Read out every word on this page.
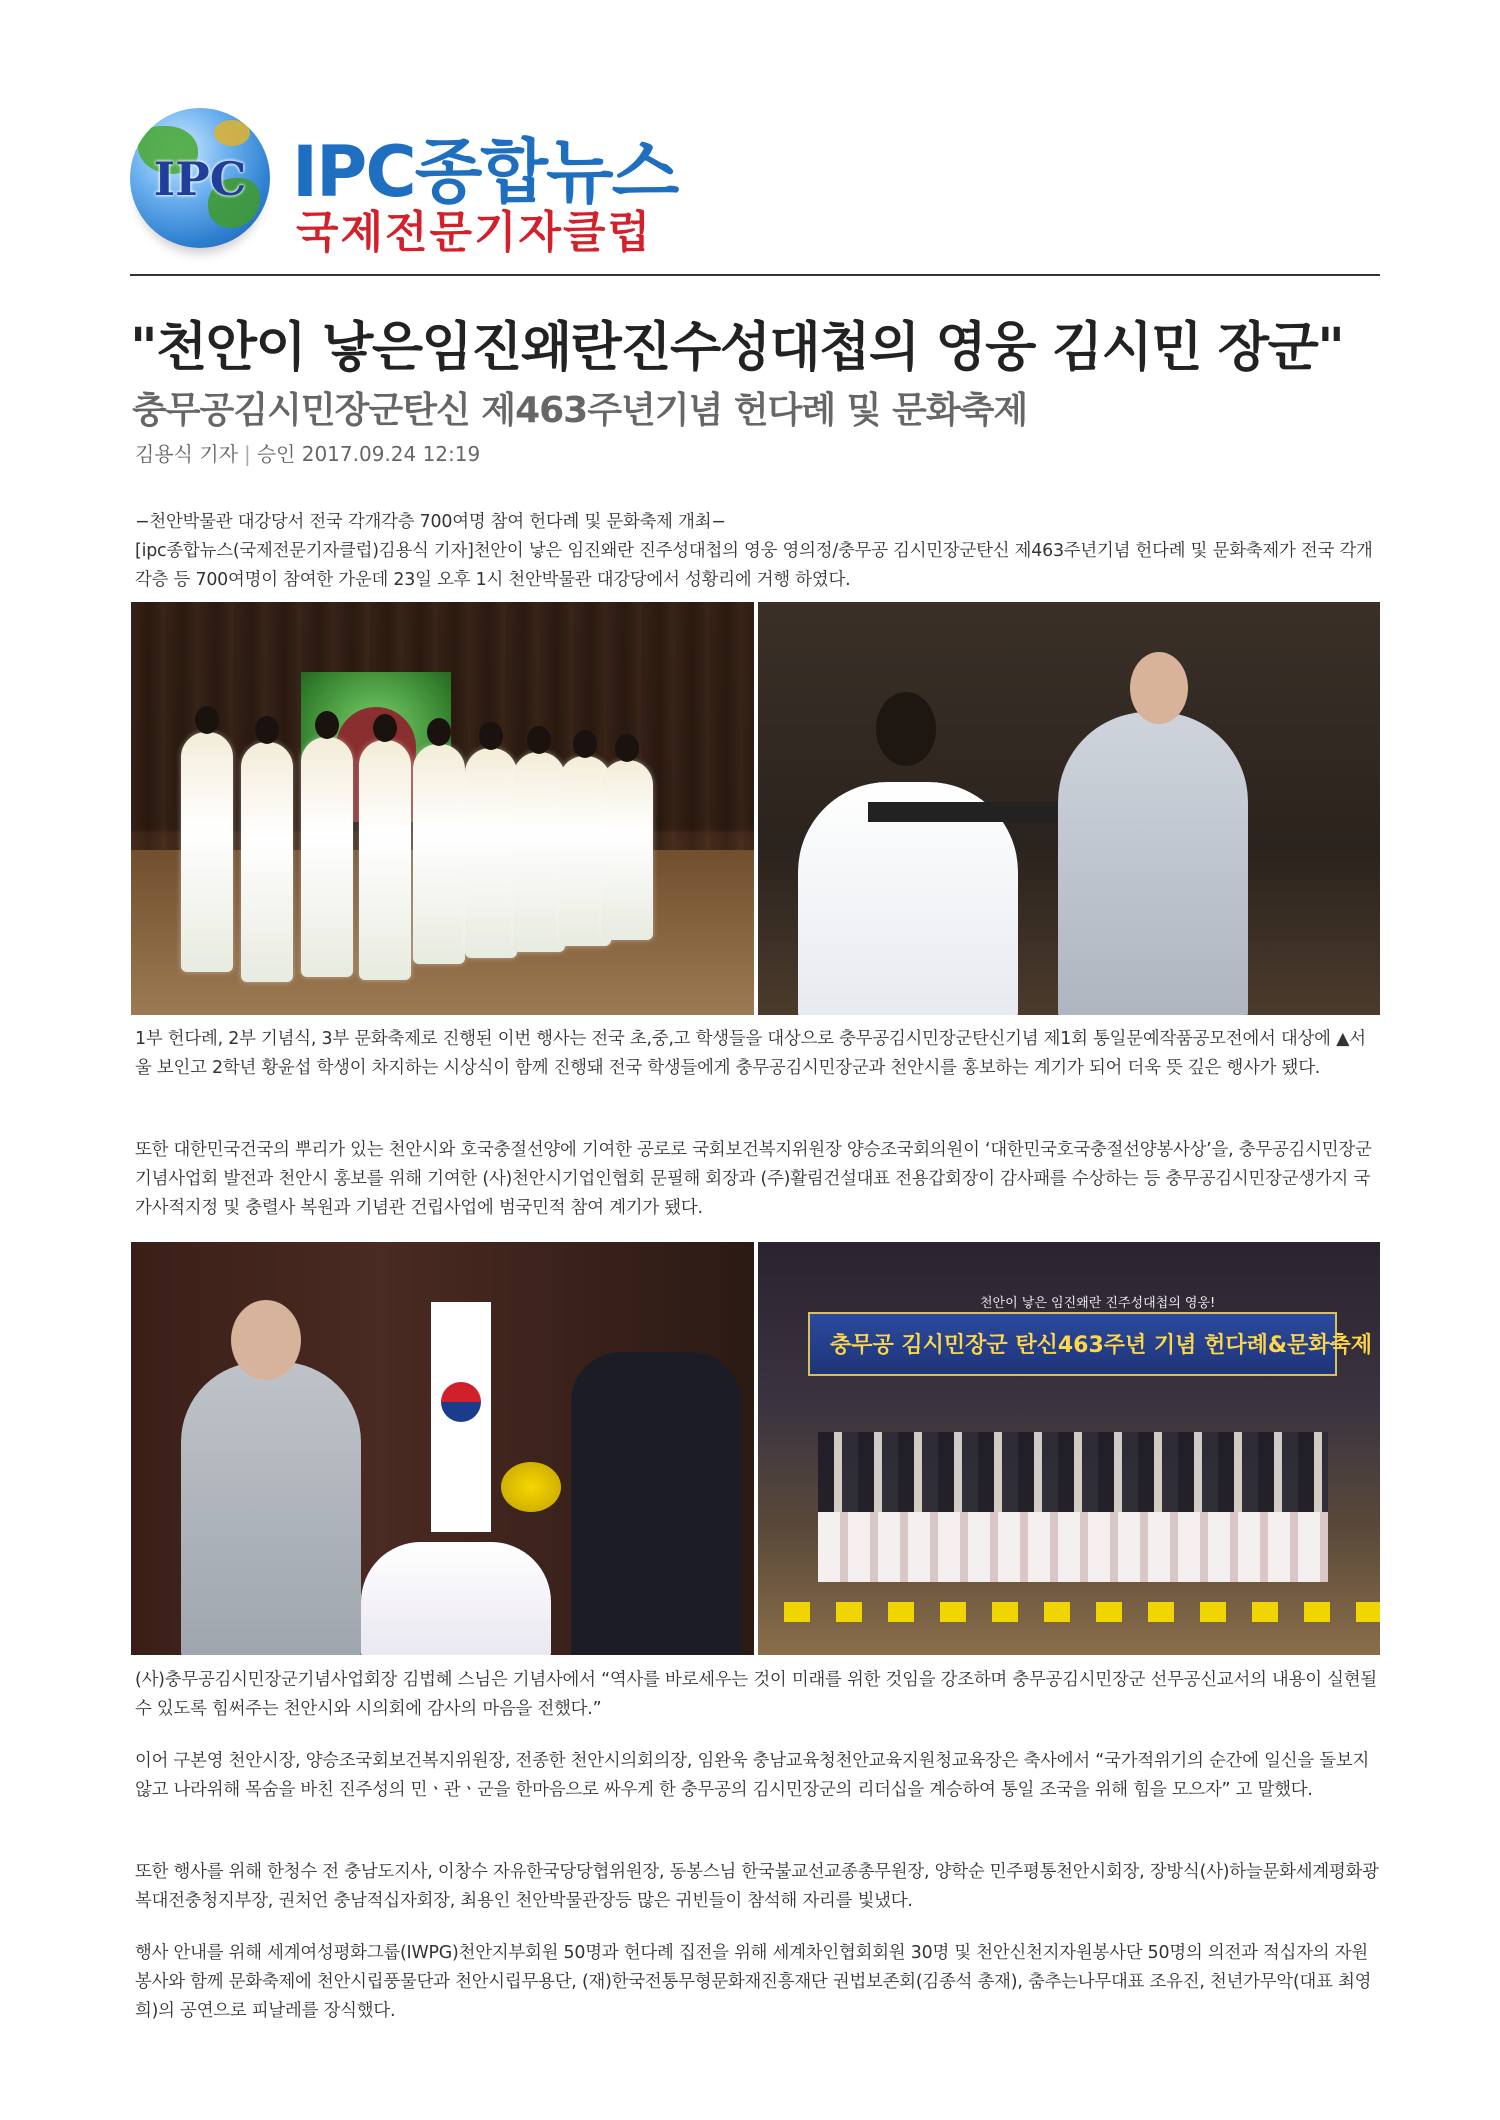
IPC IPC종합뉴스
국제전문기자클럽
"천안이 낳은임진왜란진수성대첩의 영웅 김시민 장군"
충무공김시민장군탄신 제463주년기념 헌다례 및 문화축제
김용식 기자 | 승인 2017.09.24 12:19
−천안박물관 대강당서 전국 각개각층 700여명 참여 헌다례 및 문화축제 개최−
[ipc종합뉴스(국제전문기자클럽)김용식 기자]천안이 낳은 임진왜란 진주성대첩의 영웅 영의정/충무공 김시민장군탄신 제463주년기념 헌다례 및 문화축제가 전국 각개각층 등 700여명이 참여한 가운데 23일 오후 1시 천안박물관 대강당에서 성황리에 거행 하였다.
1부 헌다례, 2부 기념식, 3부 문화축제로 진행된 이번 행사는 전국 초,중,고 학생들을 대상으로 충무공김시민장군탄신기념 제1회 통일문예작품공모전에서 대상에 ▲서울 보인고 2학년 황윤섭 학생이 차지하는 시상식이 함께 진행돼 전국 학생들에게 충무공김시민장군과 천안시를 홍보하는 계기가 되어 더욱 뜻 깊은 행사가 됐다.
또한 대한민국건국의 뿌리가 있는 천안시와 호국충절선양에 기여한 공로로 국회보건복지위원장 양승조국회의원이 ‘대한민국호국충절선양봉사상’을, 충무공김시민장군기념사업회 발전과 천안시 홍보를 위해 기여한 (사)천안시기업인협회 문필해 회장과 (주)활림건설대표 전용갑회장이 감사패를 수상하는 등 충무공김시민장군생가지 국가사적지정 및 충렬사 복원과 기념관 건립사업에 범국민적 참여 계기가 됐다.
천안이 낳은 임진왜란 진주성대첩의 영웅!
충무공 김시민장군 탄신463주년 기념 헌다례&문화축제
(사)충무공김시민장군기념사업회장 김법혜 스님은 기념사에서 “역사를 바로세우는 것이 미래를 위한 것임을 강조하며 충무공김시민장군 선무공신교서의 내용이 실현될 수 있도록 힘써주는 천안시와 시의회에 감사의 마음을 전했다.”
이어 구본영 천안시장, 양승조국회보건복지위원장, 전종한 천안시의회의장, 임완욱 충남교육청천안교육지원청교육장은 축사에서 “국가적위기의 순간에 일신을 돌보지 않고 나라위해 목숨을 바친 진주성의 민ㆍ관ㆍ군을 한마음으로 싸우게 한 충무공의 김시민장군의 리더십을 계승하여 통일 조국을 위해 힘을 모으자” 고 말했다.
또한 행사를 위해 한청수 전 충남도지사, 이창수 자유한국당당협위원장, 동봉스님 한국불교선교종총무원장, 양학순 민주평통천안시회장, 장방식(사)하늘문화세계평화광복대전충청지부장, 권처언 충남적십자회장, 최용인 천안박물관장등 많은 귀빈들이 참석해 자리를 빛냈다.
행사 안내를 위해 세계여성평화그룹(IWPG)천안지부회원 50명과 헌다례 집전을 위해 세계차인협회회원 30명 및 천안신천지자원봉사단 50명의 의전과 적십자의 자원봉사와 함께 문화축제에 천안시립풍물단과 천안시립무용단, (재)한국전통무형문화재진흥재단 권법보존회(김종석 총재), 춤추는나무대표 조유진, 천년가무악(대표 최영희)의 공연으로 피날레를 장식했다.
